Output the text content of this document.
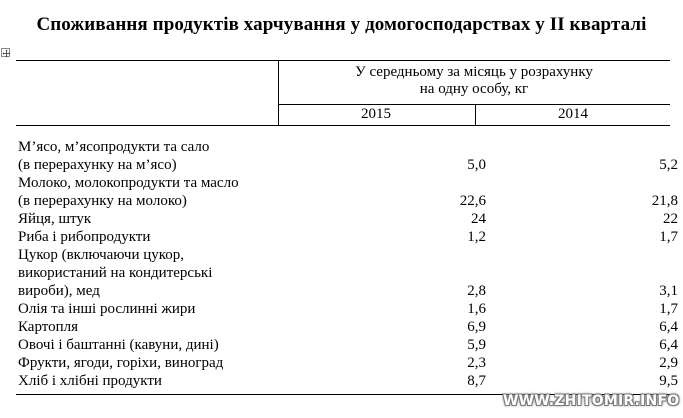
Споживання продуктів харчування у домогосподарствах у II кварталі
У середньому за місяць у розрахунку
на одну особу, кг
2015	2014
М’ясо, м’ясопродукти та сало
(в перерахунку на м’ясо)	5,0	5,2
Молоко, молокопродукти та масло
(в перерахунку на молоко)	22,6	21,8
Яйця, штук	24	22
Риба і рибопродукти	1,2	1,7
Цукор (включаючи цукор,
використаний на кондитерські
вироби), мед	2,8	3,1
Олія та інші рослинні жири	1,6	1,7
Картопля	6,9	6,4
Овочі і баштанні (кавуни, дині)	5,9	6,4
Фрукти, ягоди, горіхи, виноград	2,3	2,9
Хліб і хлібні продукти	8,7	9,5
WWW.ZHITOMIR.INFO
